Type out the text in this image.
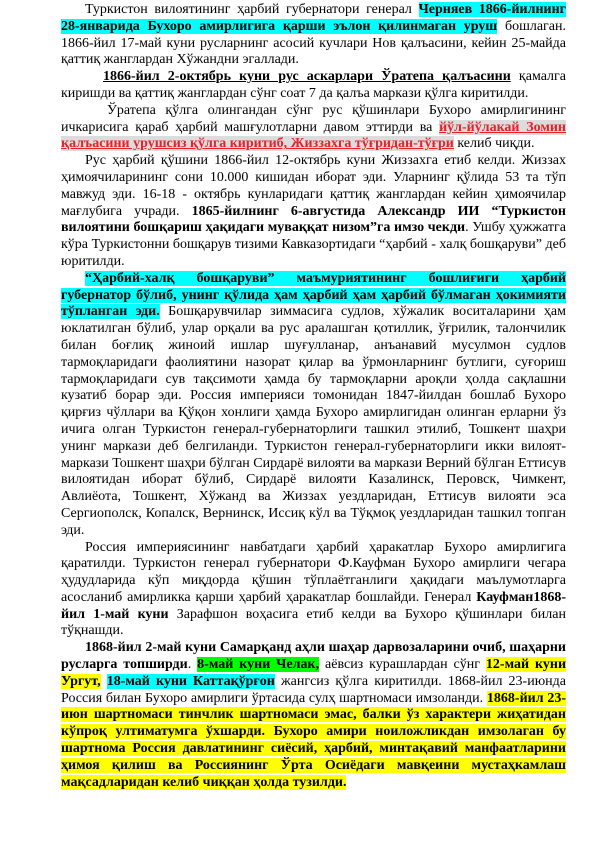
Туркистон вилоятининг ҳарбий губернатори генерал Черняев 1866-йилнинг
28-январида Бухоро амирлигига қарши эълон қилинмаган уруш бошлаган.
1866-йил 17-май куни русларнинг асосий кучлари Нов қалъасини, кейин 25-майда
қаттиқ жанглардан Хўжандни эгаллади.
1866-йил 2-октябрь куни рус аскарлари Ўратепа қалъасини қамалга
киришди ва қаттиқ жанглардан сўнг соат 7 да қалъа маркази қўлга киритилди.
Ўратепа қўлга олингандан сўнг рус қўшинлари Бухоро амирлигининг
ичкарисига қараб ҳарбий машғулотларни давом эттирди ва йўл-йўлакай Зомин
қалъасини урушсиз қўлга киритиб, Жиззахга тўғридан-тўғри келиб чиқди.
Рус ҳарбий қўшини 1866-йил 12-октябрь куни Жиззахга етиб келди. Жиззах
ҳимоячиларининг сони 10.000 кишидан иборат эди. Уларнинг қўлида 53 та тўп
мавжуд эди. 16-18 - октябрь кунларидаги қаттиқ жанглардан кейин ҳимоячилар
мағлубига учради. 1865-йилнинг 6-августида Александр ИИ “Туркистон
вилоятини бошқариш ҳақидаги муваққат низом”га имзо чекди. Ушбу ҳужжатга
кўра Туркистонни бошқарув тизими Кавказортидаги “ҳарбий - халқ бошқаруви” деб
юритилди.
“Ҳарбий-халқ бошқаруви” маъмуриятининг бошлиғиги ҳарбий
губернатор бўлиб, унинг қўлида ҳам ҳарбий ҳам ҳарбий бўлмаган ҳокимияти
тўпланган эди. Бошқарувчилар зиммасига судлов, хўжалик воситаларини ҳам
юклатилган бўлиб, улар орқали ва рус аралашган қотиллик, ўғрилик, талончилик
билан боғлиқ жиноий ишлар шуғулланар, анъанавий мусулмон судлов
тармоқларидаги фаолиятини назорат қилар ва ўрмонларнинг бутлиги, суғориш
тармоқларидаги сув тақсимоти ҳамда бу тармоқларни ароқли ҳолда сақлашни
кузатиб борар эди. Россия империяси томонидан 1847-йилдан бошлаб Бухоро
қирғиз чўллари ва Қўқон хонлиги ҳамда Бухоро амирлигидан олинган ерларни ўз
ичига олган Туркистон генерал-губернаторлиги ташкил этилиб, Тошкент шаҳри
унинг маркази деб белгиланди. Туркистон генерал-губернаторлиги икки вилоят-
маркази Тошкент шаҳри бўлган Сирдарё вилояти ва маркази Верний бўлган Еттисув
вилоятидан иборат бўлиб, Сирдарё вилояти Казалинск, Перовск, Чимкент,
Авлиёота, Тошкент, Хўжанд ва Жиззах уездларидан, Еттисув вилояти эса
Сергиополск, Копалск, Вернинск, Иссиқ кўл ва Тўқмоқ уездларидан ташкил топган
эди.
Россия империясининг навбатдаги ҳарбий ҳаракатлар Бухоро амирлигига
қаратилди. Туркистон генерал губернатори Ф.Кауфман Бухоро амирлиги чегара
ҳудудларида кўп миқдорда қўшин тўплаётганлиги ҳақидаги маълумотларга
асосланиб амирликка қарши ҳарбий ҳаракатлар бошлайди. Генерал Кауфман1868-
йил 1-май куни Зарафшон воҳасига етиб келди ва Бухоро қўшинлари билан
тўқнашди.
1868-йил 2-май куни Самарқанд аҳли шаҳар дарвозаларини очиб, шаҳарни
русларга топширди. 8-май куни Челак, аёвсиз курашлардан сўнг 12-май куни
Ургут, 18-май куни Каттақўрғон жангсиз қўлга киритилди. 1868-йил 23-июнда
Россия билан Бухоро амирлиги ўртасида сулҳ шартномаси имзоланди. 1868-йил 23-
июн шартномаси тинчлик шартномаси эмас, балки ўз характери жиҳатидан
кўпроқ ултиматумга ўхшарди. Бухоро амири ноиложликдан имзолаган бу
шартнома Россия давлатининг сиёсий, ҳарбий, минтақавий манфаатларини
ҳимоя қилиш ва Россиянинг Ўрта Осиёдаги мавқеини мустаҳкамлаш
мақсадларидан келиб чиққан ҳолда тузилди.
